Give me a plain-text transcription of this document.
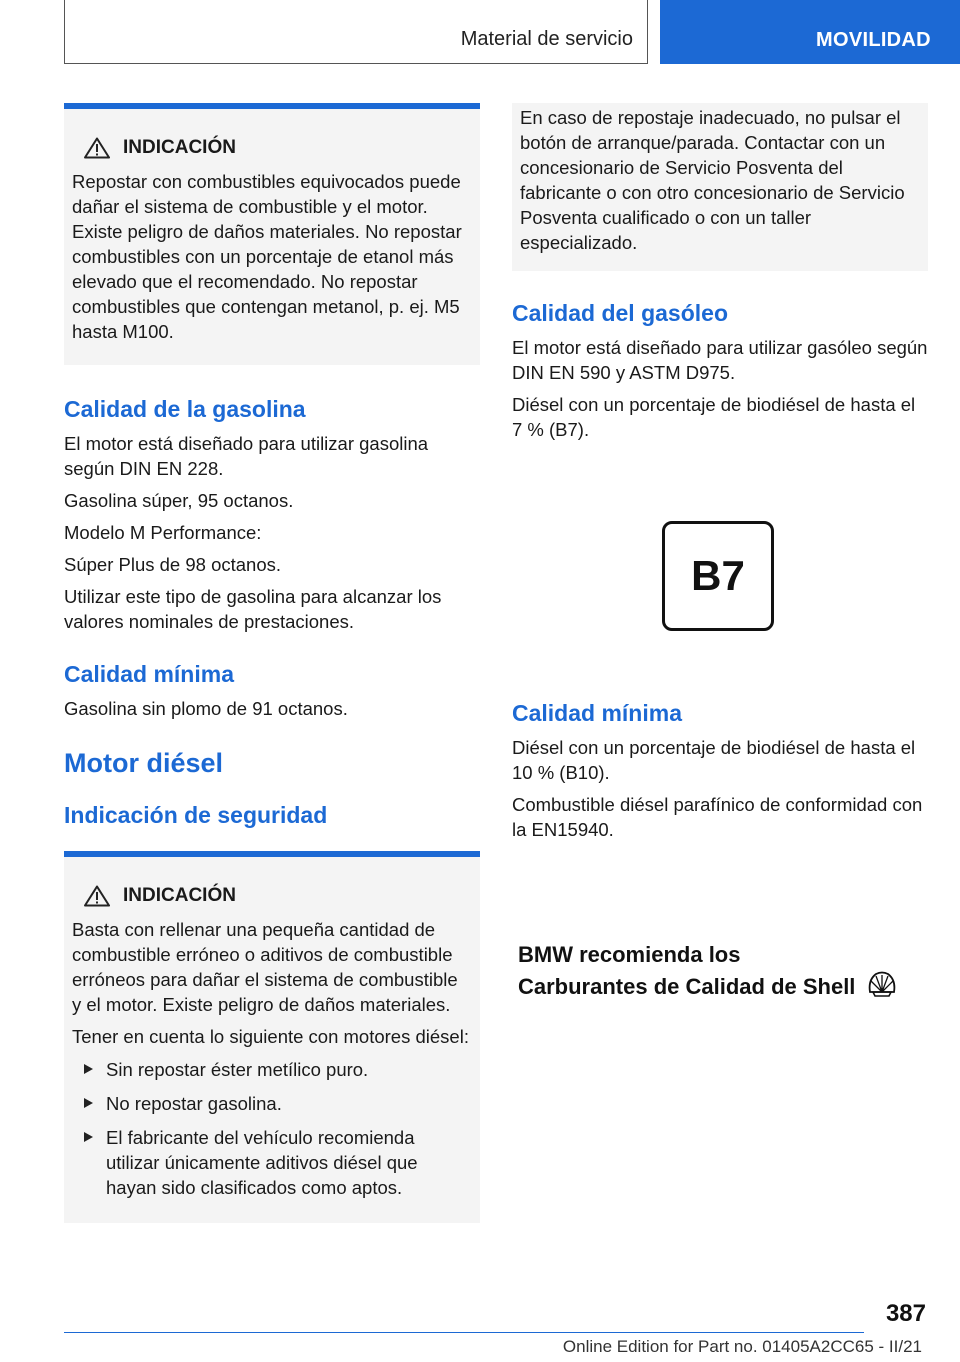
Material de servicio	MOVILIDAD
INDICACIÓN

Repostar con combustibles equivocados puede dañar el sistema de combustible y el motor. Existe peligro de daños materiales. No repostar combustibles con un porcentaje de etanol más elevado que el recomendado. No repostar combustibles que contengan metanol, p. ej. M5 hasta M100.

Calidad de la gasolina

El motor está diseñado para utilizar gasolina según DIN EN 228.

Gasolina súper, 95 octanos.

Modelo M Performance:

Súper Plus de 98 octanos.

Utilizar este tipo de gasolina para alcanzar los valores nominales de prestaciones.

Calidad mínima

Gasolina sin plomo de 91 octanos.

Motor diésel
Indicación de seguridad
INDICACIÓN

Basta con rellenar una pequeña cantidad de combustible erróneo o aditivos de combustible erróneos para dañar el sistema de combustible y el motor. Existe peligro de daños materiales.

Tener en cuenta lo siguiente con motores diésel:

Sin repostar éster metílico puro.
No repostar gasolina.
El fabricante del vehículo recomienda utilizar únicamente aditivos diésel que hayan sido clasificados como aptos.

En caso de repostaje inadecuado, no pulsar el botón de arranque/parada. Contactar con un concesionario de Servicio Posventa del fabricante o con otro concesionario de Servicio Posventa cualificado o con un taller especializado.

Calidad del gasóleo

El motor está diseñado para utilizar gasóleo según DIN EN 590 y ASTM D975.

Diésel con un porcentaje de biodiésel de hasta el 7 % (B7).

B7
Calidad mínima

Diésel con un porcentaje de biodiésel de hasta el 10 % (B10).

Combustible diésel parafínico de conformidad con la EN15940.

BMW recomienda los
Carburantes de Calidad de Shell
387
Online Edition for Part no. 01405A2CC65 - II/21
